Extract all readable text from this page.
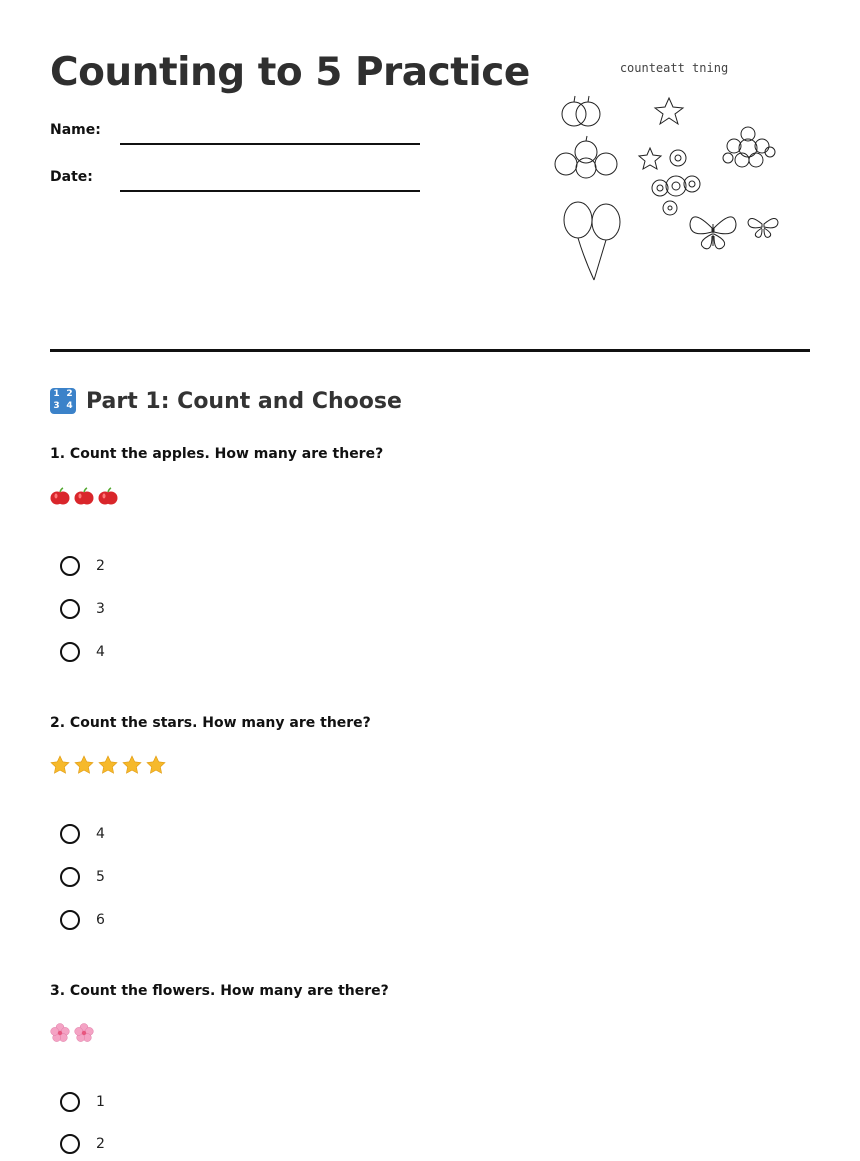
Counting to 5 Practice
Name:
Date:
counteatt tning
1 2
3 4 Part 1: Count and Choose
1. Count the apples. How many are there?
2
3
4
2. Count the stars. How many are there?
4
5
6
3. Count the flowers. How many are there?
1
2
